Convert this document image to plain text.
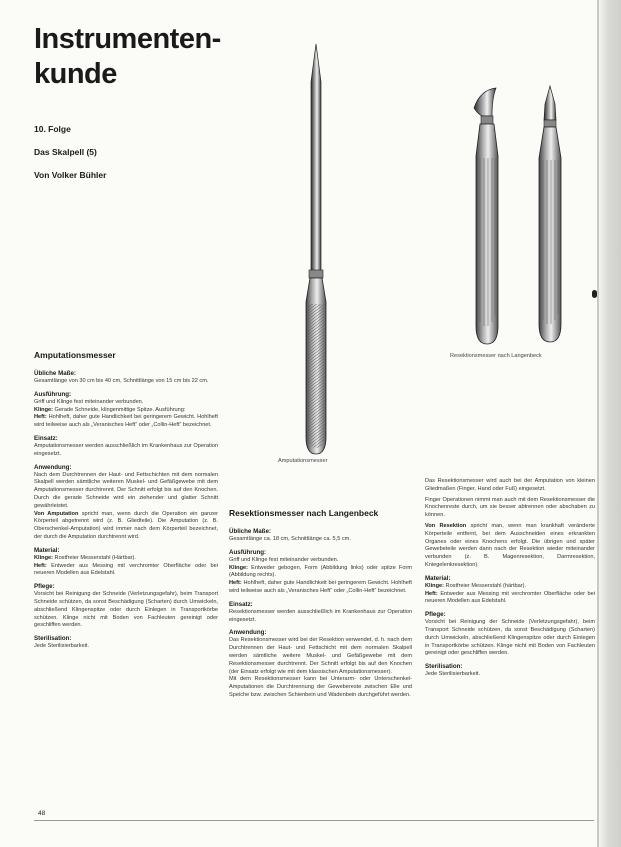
Instrumenten-
kunde
10. Folge
Das Skalpell (5)
Von Volker Bühler
Amputationsmesser
Resektionsmesser nach Langenbeck
Amputationsmesser
Übliche Maße:

Gesamtlänge von 30 cm bis 40 cm, Schnittlänge von 15 cm bis 22 cm.

Ausführung:

Griff und Klinge fest miteinander verbunden.

Klinge: Gerade Schneide, klingenmittige Spitze. Ausführung:

Heft: Hohlheft, daher gute Handlichkeit bei geringerem Gewicht. Hohlheft wird teilweise auch als „Veranisches Heft“ oder „Collin-Heft“ bezeichnet.

Einsatz:

Amputationsmesser werden ausschließlich im Krankenhaus zur Operation eingesetzt.

Anwendung:

Nach dem Durchtrennen der Haut- und Fettschichten mit dem normalen Skalpell werden sämtliche weiteren Muskel- und Gefäßgewebe mit dem Amputationsmesser durchtrennt. Der Schnitt erfolgt bis auf den Knochen. Durch die gerade Schneide wird ein ziehender und glatter Schnitt gewährleistet.

Von Amputation spricht man, wenn durch die Operation ein ganzer Körperteil abgetrennt wird (z. B. Gliedteile). Die Amputation (z. B. Oberschenkel-Amputation) wird immer nach dem Körperteil bezeichnet, der durch die Amputation durchtrennt wird.

Material:

Klinge: Rostfreier Messerstahl (Härtbar).

Heft: Entweder aus Messing mit verchromter Oberfläche oder bei neueren Modellen aus Edelstahl.

Pflege:

Vorsicht bei Reinigung der Schneide (Verletzungsgefahr), beim Transport Schneide schützen, da sonst Beschädigung (Scharten) durch Umwickeln, abschließend Klingenspitze oder durch Einlegen in Transportkörbe schützen. Klinge nicht mit Boden von Fachleuten gereinigt oder geschliffen werden.

Sterilisation:

Jede Sterilisierbarkeit.

Resektionsmesser nach Langenbeck
Übliche Maße:

Gesamtlänge ca. 18 cm, Schnittlänge ca. 5,5 cm.

Ausführung:

Griff und Klinge fest miteinander verbunden.

Klinge: Entweder gebogen, Form (Abbildung links) oder spitze Form (Abbildung rechts).

Heft: Hohlheft, daher gute Handlichkeit bei geringerem Gewicht. Hohlheft wird teilweise auch als „Veranisches Heft“ oder „Collin-Heft“ bezeichnet.

Einsatz:

Resektionsmesser werden ausschließlich im Krankenhaus zur Operation eingesetzt.

Anwendung:

Das Resektionsmesser wird bei der Resektion verwendet, d. h. nach dem Durchtrennen der Haut- und Fettschicht mit dem normalen Skalpell werden sämtliche weitere Muskel- und Gefäßgewebe mit dem Resektionsmesser durchtrennt. Der Schnitt erfolgt bis auf den Knochen (der Einsatz erfolgt wie mit dem klassischen Amputationsmesser).

Mit dem Resektionsmesser kann bei Unterarm- oder Unterschenkel-Amputationen die Durchtrennung der Gewebereste zwischen Elle und Speiche bzw. zwischen Schienbein und Wadenbein durchgeführt werden.

Das Resektionsmesser wird auch bei der Amputation von kleinen Gliedmaßen (Finger, Hand oder Fuß) eingesetzt.

Finger Operationen nimmt man auch mit dem Resektionsmesser die Knochenreste durch, um sie besser abtrennen oder abschaben zu können.

Von Resektion spricht man, wenn man krankhaft veränderte Körperteile entfernt, bei dem Ausschneiden eines erkrankten Organes oder eines Knochens erfolgt. Die übrigen und später Gewebeteile werden dann nach der Resektion wieder miteinander verbunden (z. B. Magenresektion, Darmresektion, Kniegelenkresektion).

Material:

Klinge: Rostfreier Messerstahl (härtbar).

Heft: Entweder aus Messing mit verchromter Oberfläche oder bei neueren Modellen aus Edelstahl.

Pflege:

Vorsicht bei Reinigung der Schneide (Verletzungsgefahr), beim Transport Schneide schützen, da sonst Beschädigung (Scharten) durch Umwickeln, abschließend Klingenspitze oder durch Einlegen in Transportkörbe schützen. Klinge nicht mit Boden von Fachleuten gereinigt oder geschliffen werden.

Sterilisation:

Jede Sterilisierbarkeit.

48
